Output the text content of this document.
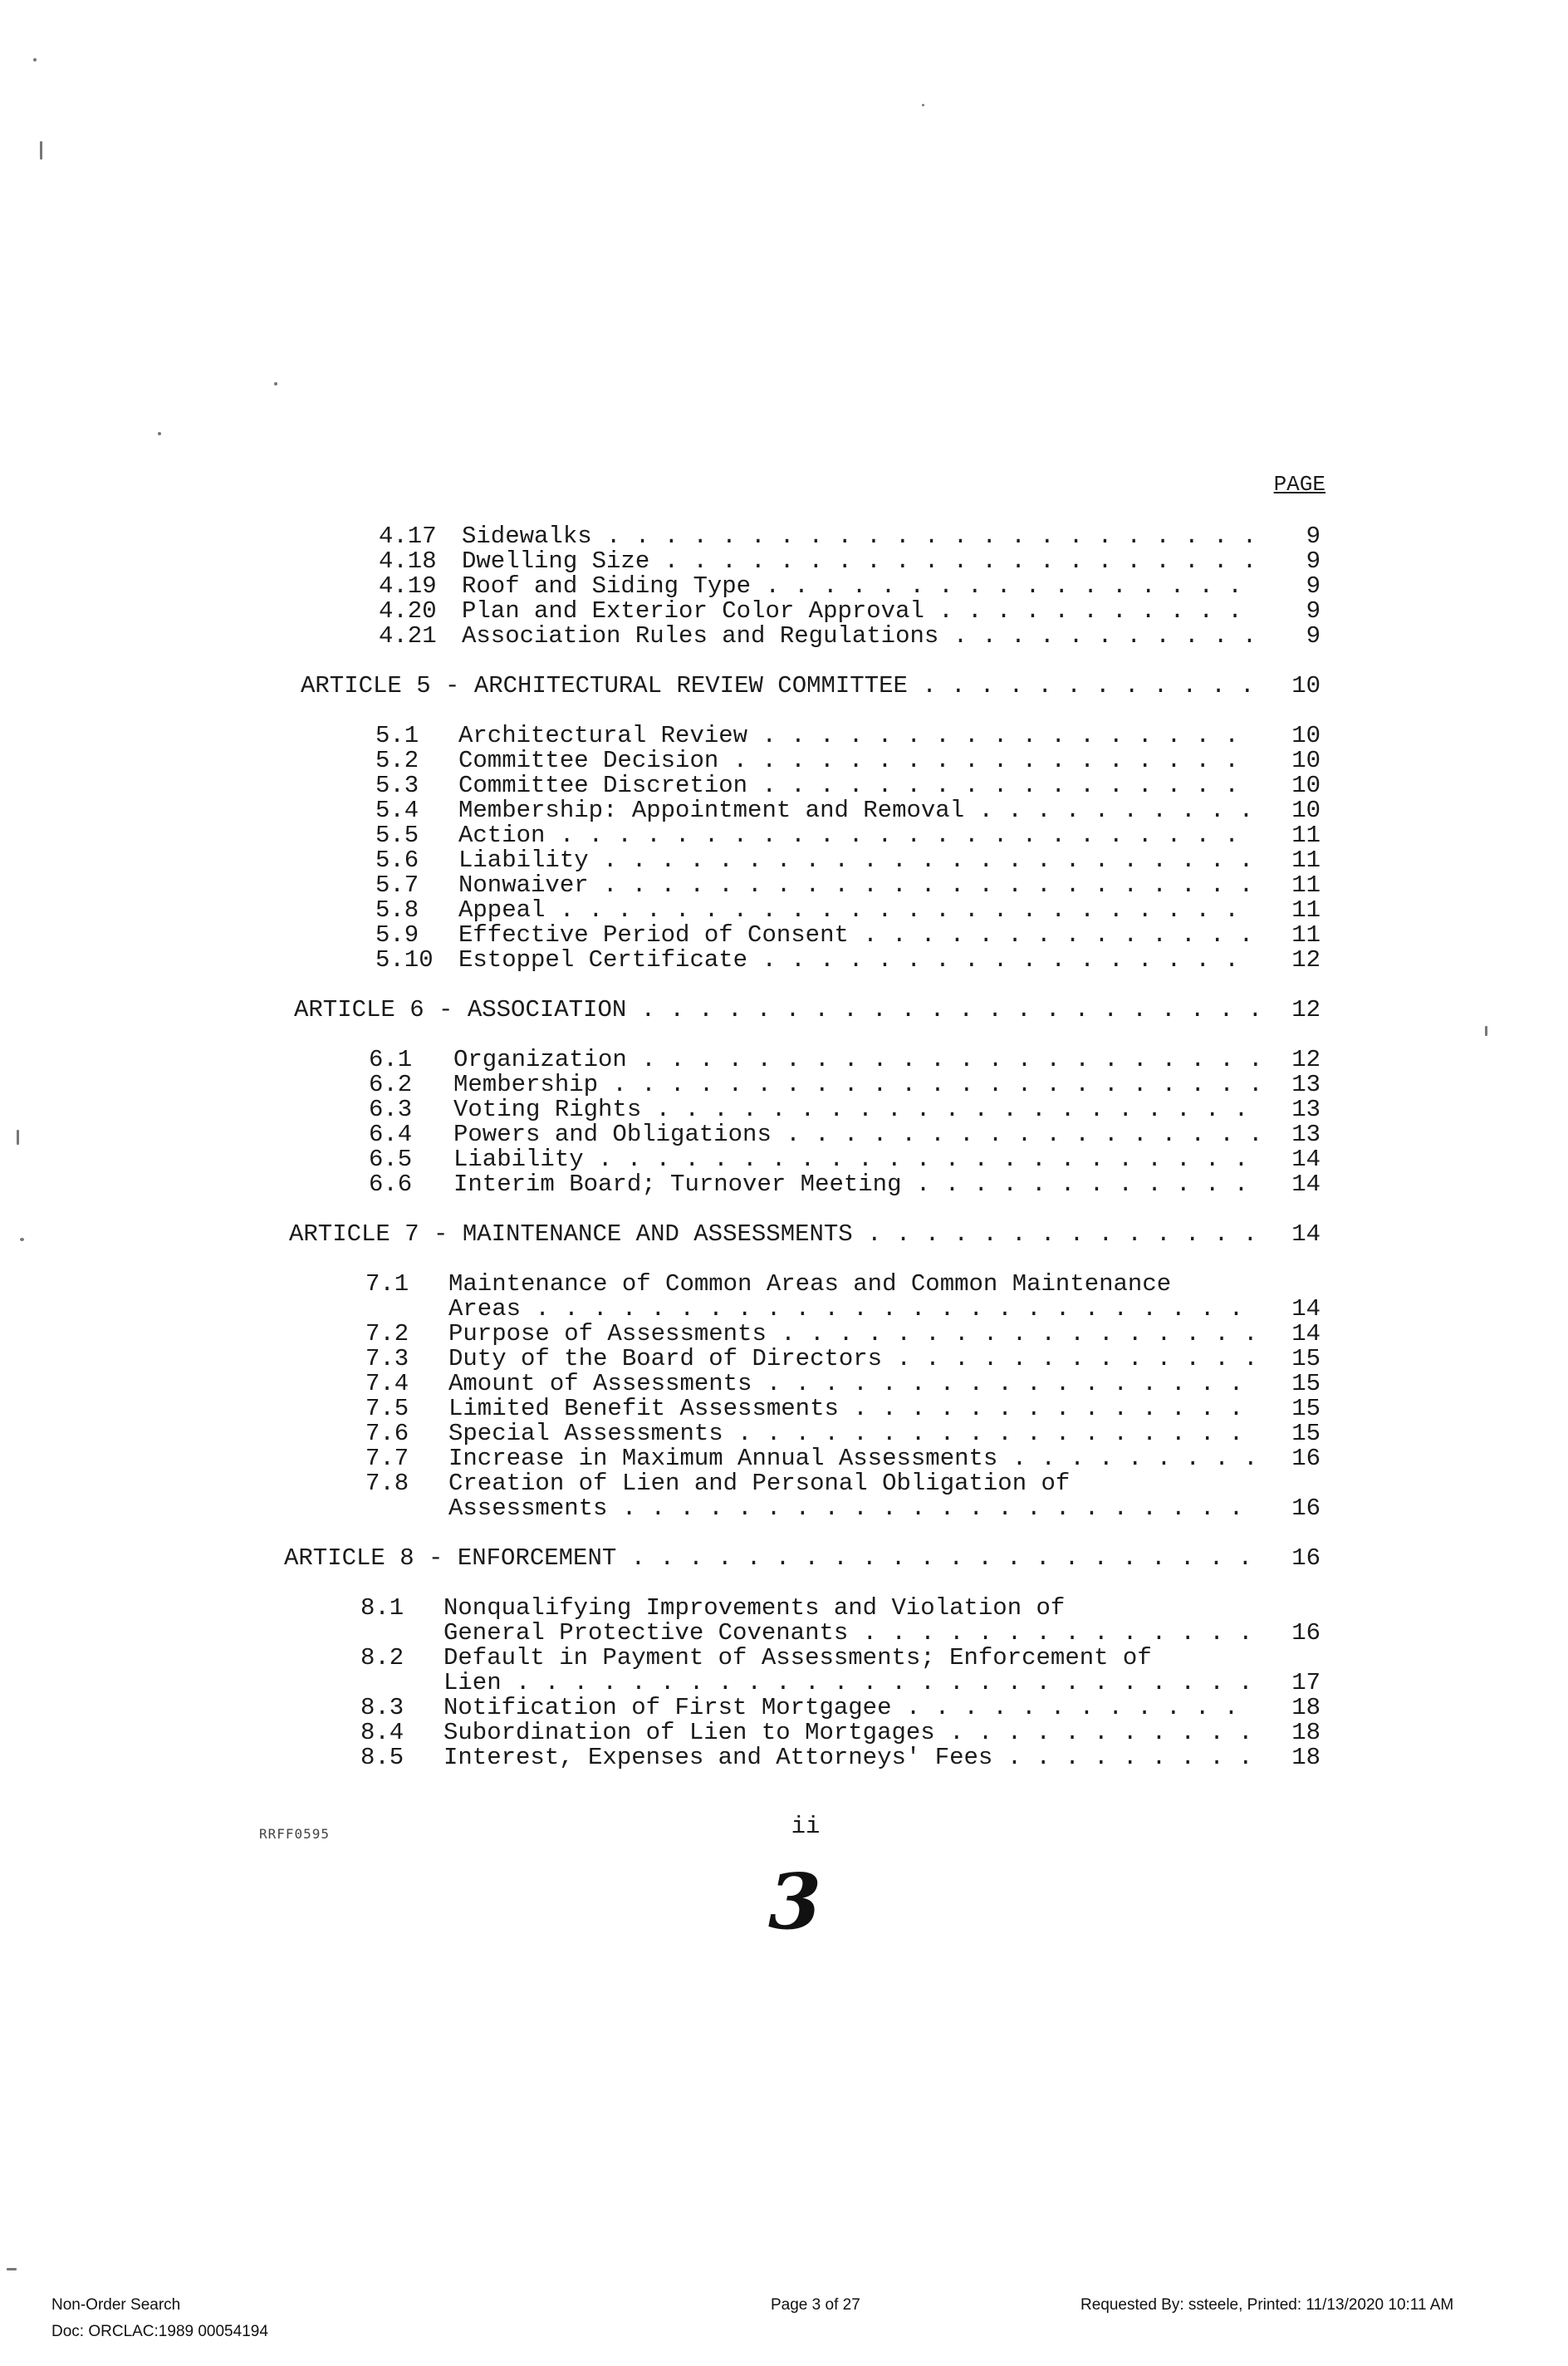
PAGE
4.17 Sidewalks . . .	9
4.18 Dwelling Size . . .	9
4.19 Roof and Siding Type . . .	9
4.20 Plan and Exterior Color Approval . . .	9
4.21 Association Rules and Regulations . . .	9
ARTICLE 5 - ARCHITECTURAL REVIEW COMMITTEE . . .	10
5.1 Architectural Review . . .	10
5.2 Committee Decision . . .	10
5.3 Committee Discretion . . .	10
5.4 Membership: Appointment and Removal . . .	10
5.5 Action . . .	11
5.6 Liability . . .	11
5.7 Nonwaiver . . .	11
5.8 Appeal . . .	11
5.9 Effective Period of Consent . . .	11
5.10 Estoppel Certificate . . .	12
ARTICLE 6 - ASSOCIATION . . .	12
6.1 Organization . . .	12
6.2 Membership . . .	13
6.3 Voting Rights . . .	13
6.4 Powers and Obligations . . .	13
6.5 Liability . . .	14
6.6 Interim Board; Turnover Meeting . . .	14
ARTICLE 7 - MAINTENANCE AND ASSESSMENTS . . .	14
7.1 Maintenance of Common Areas and Common Maintenance
Areas . . .	14
7.2 Purpose of Assessments . . .	14
7.3 Duty of the Board of Directors . . .	15
7.4 Amount of Assessments . . .	15
7.5 Limited Benefit Assessments . . .	15
7.6 Special Assessments . . .	15
7.7 Increase in Maximum Annual Assessments . . .	16
7.8 Creation of Lien and Personal Obligation of
Assessments . . .	16
ARTICLE 8 - ENFORCEMENT . . .	16
8.1 Nonqualifying Improvements and Violation of
General Protective Covenants . . .	16
8.2 Default in Payment of Assessments; Enforcement of
Lien . . .	17
8.3 Notification of First Mortgagee . . .	18
8.4 Subordination of Lien to Mortgages . . .	18
8.5 Interest, Expenses and Attorneys' Fees . . .	18
RRFF0595	ii
3
Non-Order Search
Doc: ORCLAC:1989 00054194
Page 3 of 27	Requested By: ssteele, Printed: 11/13/2020 10:11 AM
